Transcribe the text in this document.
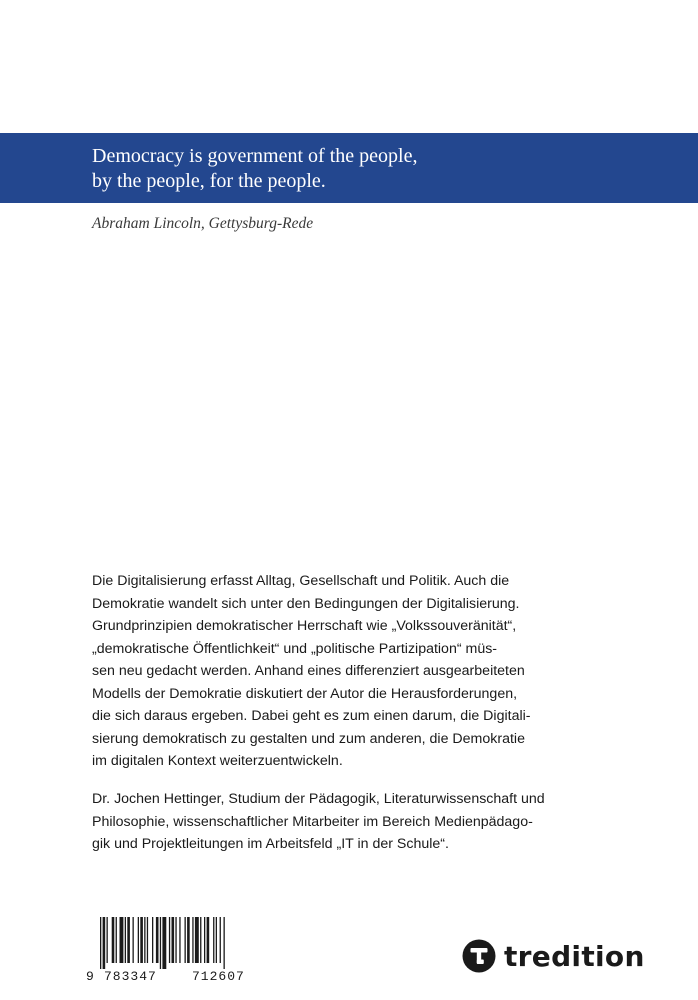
Democracy is government of the people,
by the people, for the people.

Abraham Lincoln, Gettysburg-Rede

Die Digitalisierung erfasst Alltag, Gesellschaft und Politik. Auch die
Demokratie wandelt sich unter den Bedingungen der Digitalisierung.
Grundprinzipien demokratischer Herrschaft wie „Volkssouveränität“,
„demokratische Öffentlichkeit“ und „politische Partizipation“ müs-
sen neu gedacht werden. Anhand eines differenziert ausgearbeiteten
Modells der Demokratie diskutiert der Autor die Herausforderungen,
die sich daraus ergeben. Dabei geht es zum einen darum, die Digitali-
sierung demokratisch zu gestalten und zum anderen, die Demokratie
im digitalen Kontext weiterzuentwickeln.
Dr. Jochen Hettinger, Studium der Pädagogik, Literaturwissenschaft und
Philosophie, wissenschaftlicher Mitarbeiter im Bereich Medienpädago-
gik und Projektleitungen im Arbeitsfeld „IT in der Schule“.
9 783347	712607
tredition
